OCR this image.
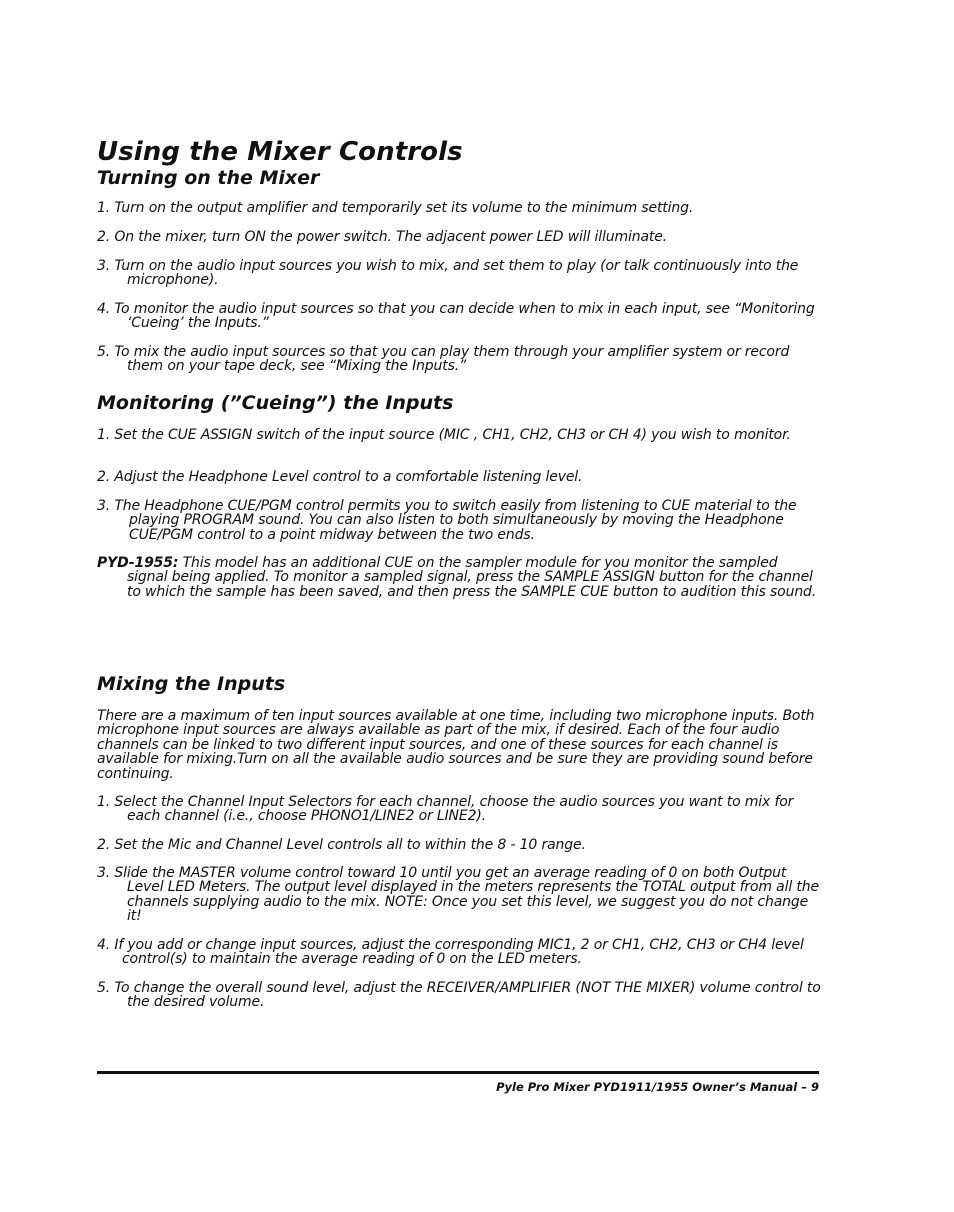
Using the Mixer Controls
Turning on the Mixer

1. Turn on the output amplifier and temporarily set its volume to the minimum setting.

2. On the mixer, turn ON the power switch. The adjacent power LED will illuminate.

3. Turn on the audio input sources you wish to mix, and set them to play (or talk continuously into the microphone).

4. To monitor the audio input sources so that you can decide when to mix in each input, see “Monitoring ‘Cueing’ the Inputs.”

5. To mix the audio input sources so that you can play them through your amplifier system or record them on your tape deck, see “Mixing the Inputs.”

Monitoring (”Cueing”) the Inputs

1. Set the CUE ASSIGN switch of the input source (MIC , CH1, CH2, CH3 or CH 4) you wish to monitor.

2. Adjust the Headphone Level control to a comfortable listening level.

3. The Headphone CUE/PGM control permits you to switch easily from listening to CUE material to the playing PROGRAM sound. You can also listen to both simultaneously by moving the Headphone CUE/PGM control to a point midway between the two ends.

PYD-1955: This model has an additional CUE on the sampler module for you monitor the sampled signal being applied. To monitor a sampled signal, press the SAMPLE ASSIGN button for the channel to which the sample has been saved, and then press the SAMPLE CUE button to audition this sound.

Mixing the Inputs

There are a maximum of ten input sources available at one time, including two microphone inputs. Both microphone input sources are always available as part of the mix, if desired. Each of the four audio channels can be linked to two different input sources, and one of these sources for each channel is available for mixing.Turn on all the available audio sources and be sure they are providing sound before continuing.

1. Select the Channel Input Selectors for each channel, choose the audio sources you want to mix for each channel (i.e., choose PHONO1/LINE2 or LINE2).

2. Set the Mic and Channel Level controls all to within the 8 - 10 range.

3. Slide the MASTER volume control toward 10 until you get an average reading of 0 on both Output Level LED Meters. The output level displayed in the meters represents the TOTAL output from all the channels supplying audio to the mix. NOTE: Once you set this level, we suggest you do not change it!

4. If you add or change input sources, adjust the corresponding MIC1, 2 or CH1, CH2, CH3 or CH4 level control(s) to maintain the average reading of 0 on the LED meters.

5. To change the overall sound level, adjust the RECEIVER/AMPLIFIER (NOT THE MIXER) volume control to the desired volume.

Pyle Pro Mixer PYD1911/1955 Owner’s Manual – 9
